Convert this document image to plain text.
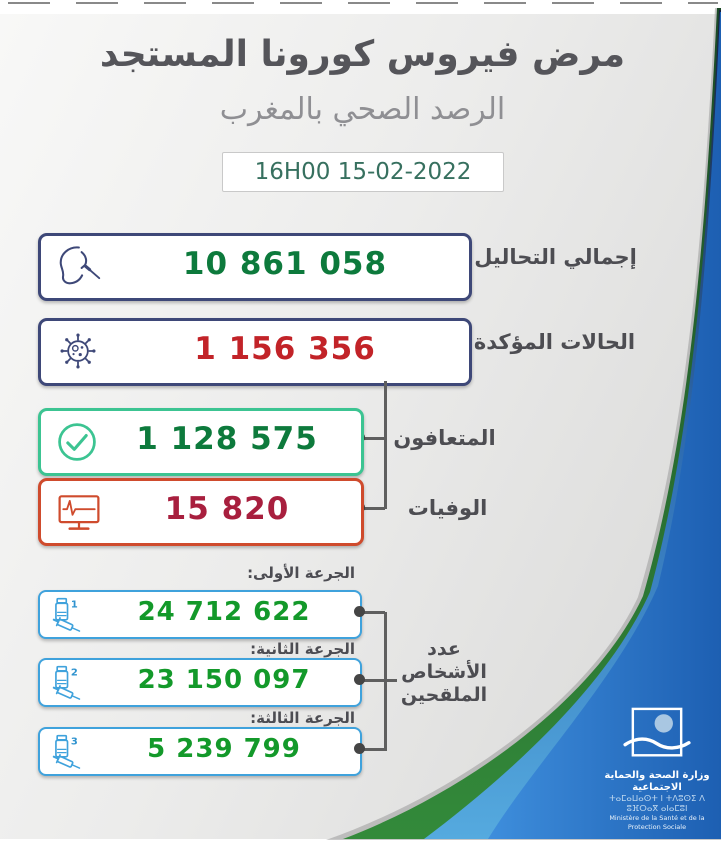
مرض فيروس كورونا المستجد
الرصد الصحي بالمغرب
16H00 15-02-2022
10 861 058	إجمالي التحاليل
1 156 356	الحالات المؤكدة
1 128 575	المتعافون
15 820	الوفيات
الجرعة الأولى:
1	24 712 622
الجرعة الثانية:
2	23 150 097
الجرعة الثالثة:
3	5 239 799
عدد الأشخاص الملقحين
وزارة الصحة والحماية الاجتماعية
ⵜⴰⵎⴰⵡⴰⵙⵜ ⵏ ⵜⴷⵓⵙⵉ ⴷ ⵓⴼⵔⴰⴳ ⴰⵏⴰⵎⵓⵏ
Ministère de la Santé et de la Protection Sociale
